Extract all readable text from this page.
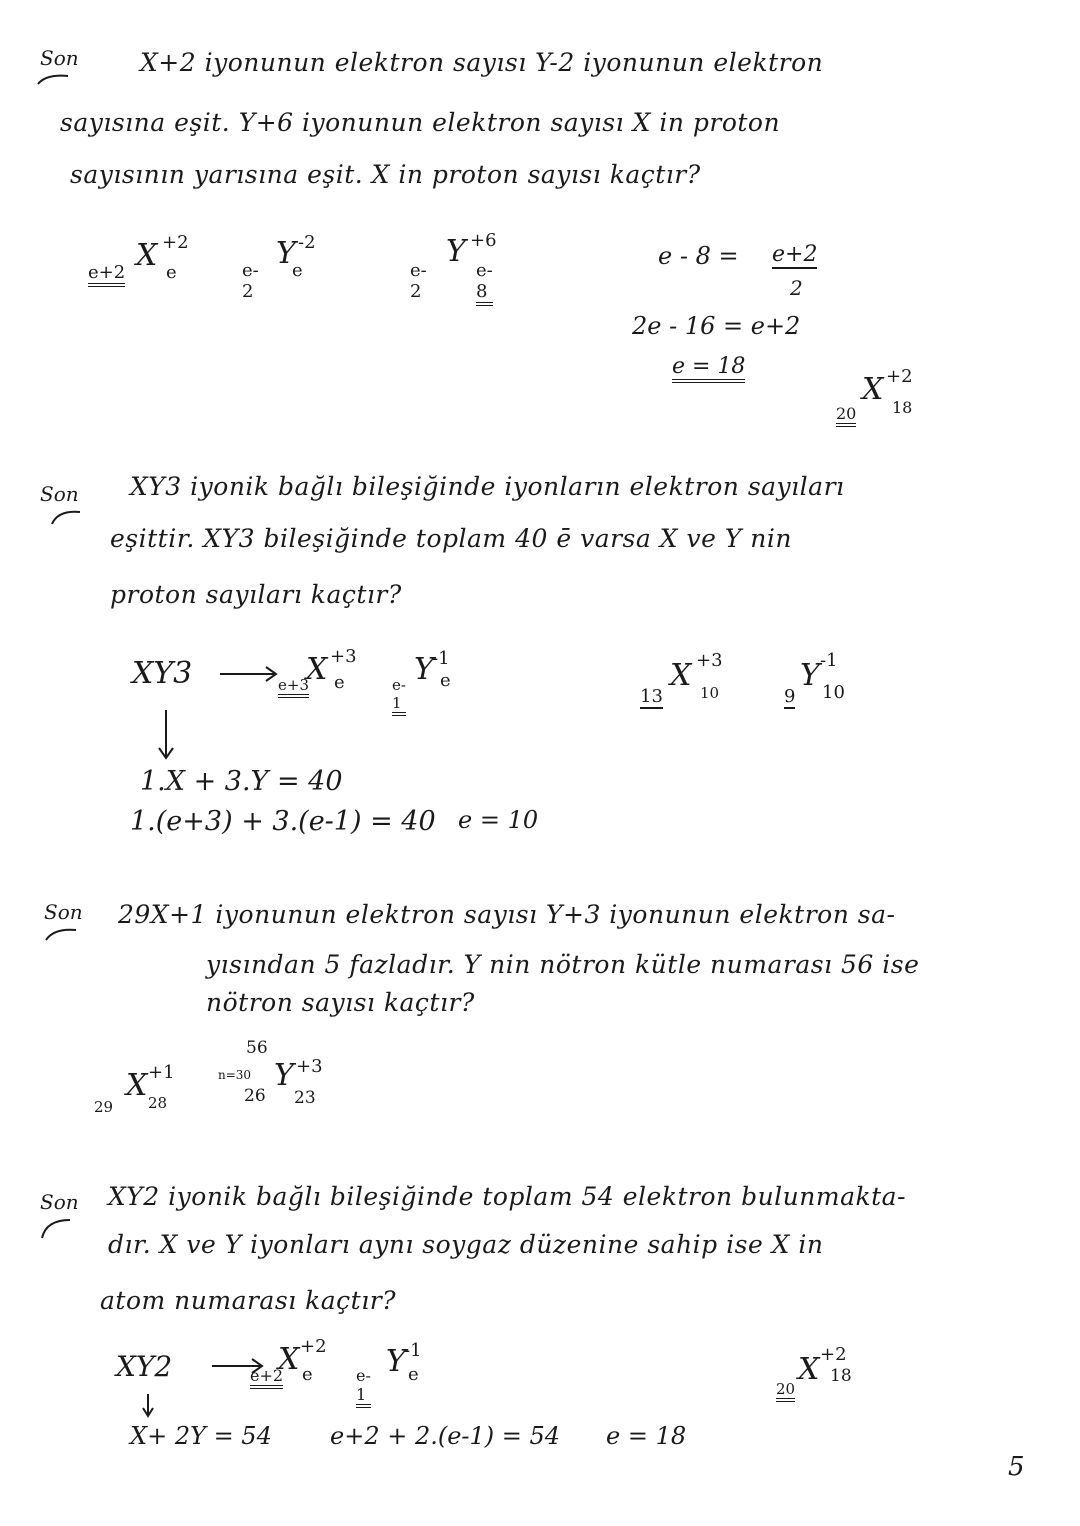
Son X+2 iyonunun elektron sayısı Y-2 iyonunun elektron
sayısına eşit. Y+6 iyonunun elektron sayısı X in proton
sayısının yarısına eşit. X in proton sayısı kaçtır?
e+2 X +2
e	e-2
Y -2
e	e-2
Y +6
e-8
e - 8 = e+2
2
2e - 16 = e+2
e = 18
20
X +2
18
Son XY3 iyonik bağlı bileşiğinde iyonların elektron sayıları
eşittir. XY3 bileşiğinde toplam 40 ē varsa X ve Y nin
proton sayıları kaçtır?
XY3	e+3
X +3
e	e-1
Y
-1
e
1.X + 3.Y = 40
1.(e+3) + 3.(e-1) = 40 e = 10
13
X +3
10	9
Y -1
10
Son 29X+1 iyonunun elektron sayısı Y+3 iyonunun elektron sa-
yısından 5 fazladır. Y nin nötron kütle numarası 56 ise
nötron sayısı kaçtır?
29
X +1
28
56
n=30
26
Y +3
23
Son XY2 iyonik bağlı bileşiğinde toplam 54 elektron bulunmakta-
dır. X ve Y iyonları aynı soygaz düzenine sahip ise X in
atom numarası kaçtır?
XY2	e+2
X +2
e	e-1
Y
-1
e
X+ 2Y = 54 e+2 + 2.(e-1) = 54 e = 18
20
X +2
18
5
